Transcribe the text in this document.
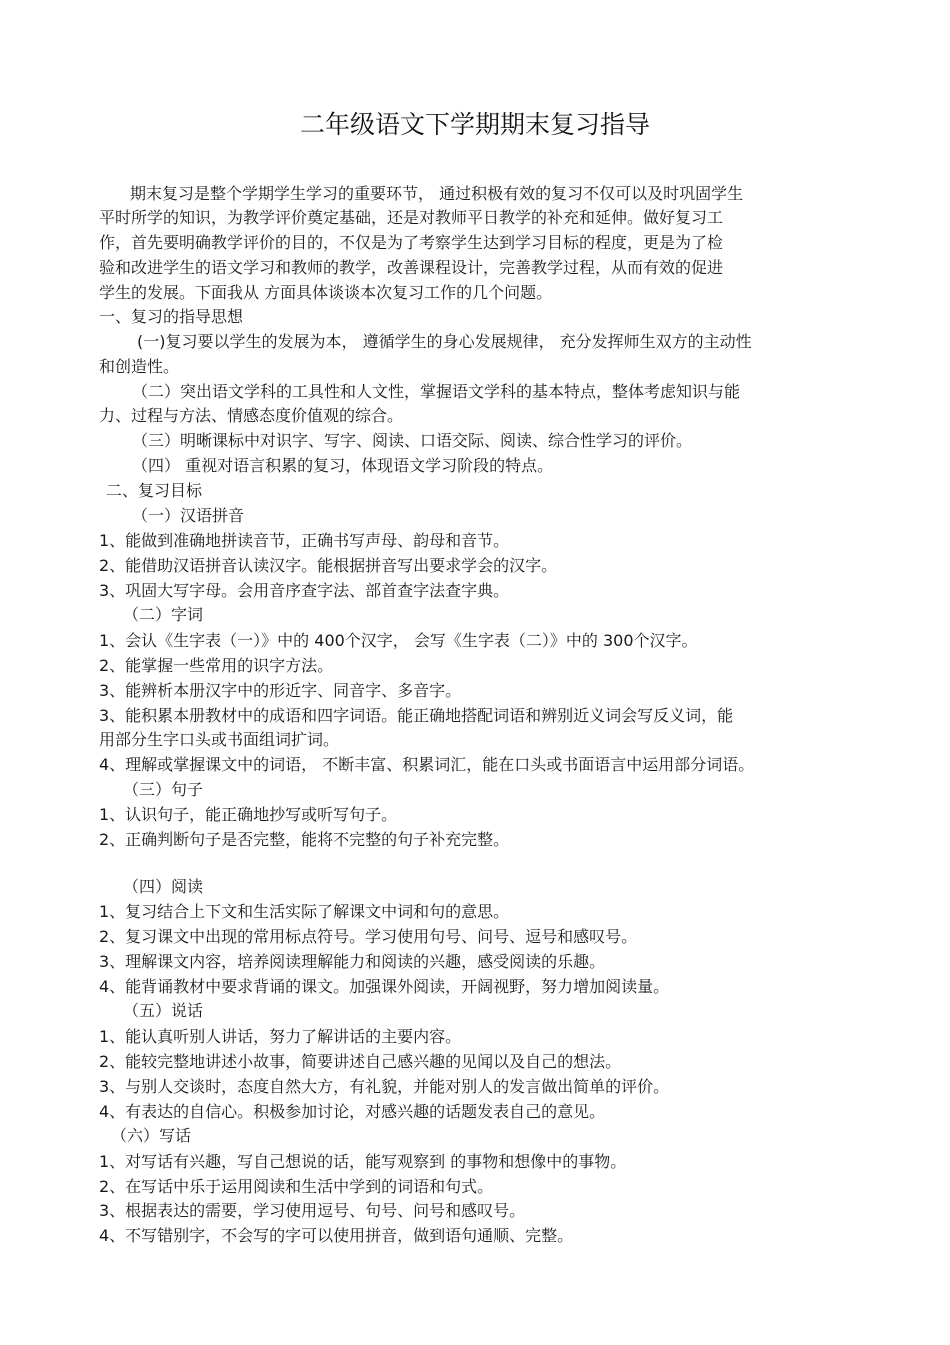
二年级语文下学期期末复习指导
期末复习是整个学期学生学习的重要环节， 通过积极有效的复习不仅可以及时巩固学生
平时所学的知识，为教学评价奠定基础，还是对教师平日教学的补充和延伸。做好复习工
作，首先要明确教学评价的目的，不仅是为了考察学生达到学习目标的程度，更是为了检
验和改进学生的语文学习和教师的教学，改善课程设计，完善教学过程，从而有效的促进
学生的发展。下面我从 方面具体谈谈本次复习工作的几个问题。
一、复习的指导思想
(一)复习要以学生的发展为本， 遵循学生的身心发展规律， 充分发挥师生双方的主动性
和创造性。
（二）突出语文学科的工具性和人文性，掌握语文学科的基本特点，整体考虑知识与能
力、过程与方法、情感态度价值观的综合。
（三）明晰课标中对识字、写字、阅读、口语交际、阅读、综合性学习的评价。
（四） 重视对语言积累的复习，体现语文学习阶段的特点。
二、复习目标
（一）汉语拼音
1、能做到准确地拼读音节，正确书写声母、韵母和音节。
2、能借助汉语拼音认读汉字。能根据拼音写出要求学会的汉字。
3、巩固大写字母。会用音序查字法、部首查字法查字典。
（二）字词
1、会认《生字表（一）》中的 400个汉字， 会写《生字表（二）》中的 300个汉字。
2、能掌握一些常用的识字方法。
3、能辨析本册汉字中的形近字、同音字、多音字。
3、能积累本册教材中的成语和四字词语。能正确地搭配词语和辨别近义词会写反义词，能
用部分生字口头或书面组词扩词。
4、理解或掌握课文中的词语， 不断丰富、积累词汇，能在口头或书面语言中运用部分词语。
（三）句子
1、认识句子，能正确地抄写或听写句子。
2、正确判断句子是否完整，能将不完整的句子补充完整。
（四）阅读
1、复习结合上下文和生活实际了解课文中词和句的意思。
2、复习课文中出现的常用标点符号。学习使用句号、问号、逗号和感叹号。
3、理解课文内容，培养阅读理解能力和阅读的兴趣，感受阅读的乐趣。
4、能背诵教材中要求背诵的课文。加强课外阅读，开阔视野，努力增加阅读量。
（五）说话
1、能认真听别人讲话，努力了解讲话的主要内容。
2、能较完整地讲述小故事，简要讲述自己感兴趣的见闻以及自己的想法。
3、与别人交谈时，态度自然大方，有礼貌，并能对别人的发言做出简单的评价。
4、有表达的自信心。积极参加讨论，对感兴趣的话题发表自己的意见。
（六）写话
1、对写话有兴趣，写自己想说的话，能写观察到 的事物和想像中的事物。
2、在写话中乐于运用阅读和生活中学到的词语和句式。
3、根据表达的需要，学习使用逗号、句号、问号和感叹号。
4、不写错别字，不会写的字可以使用拼音，做到语句通顺、完整。
